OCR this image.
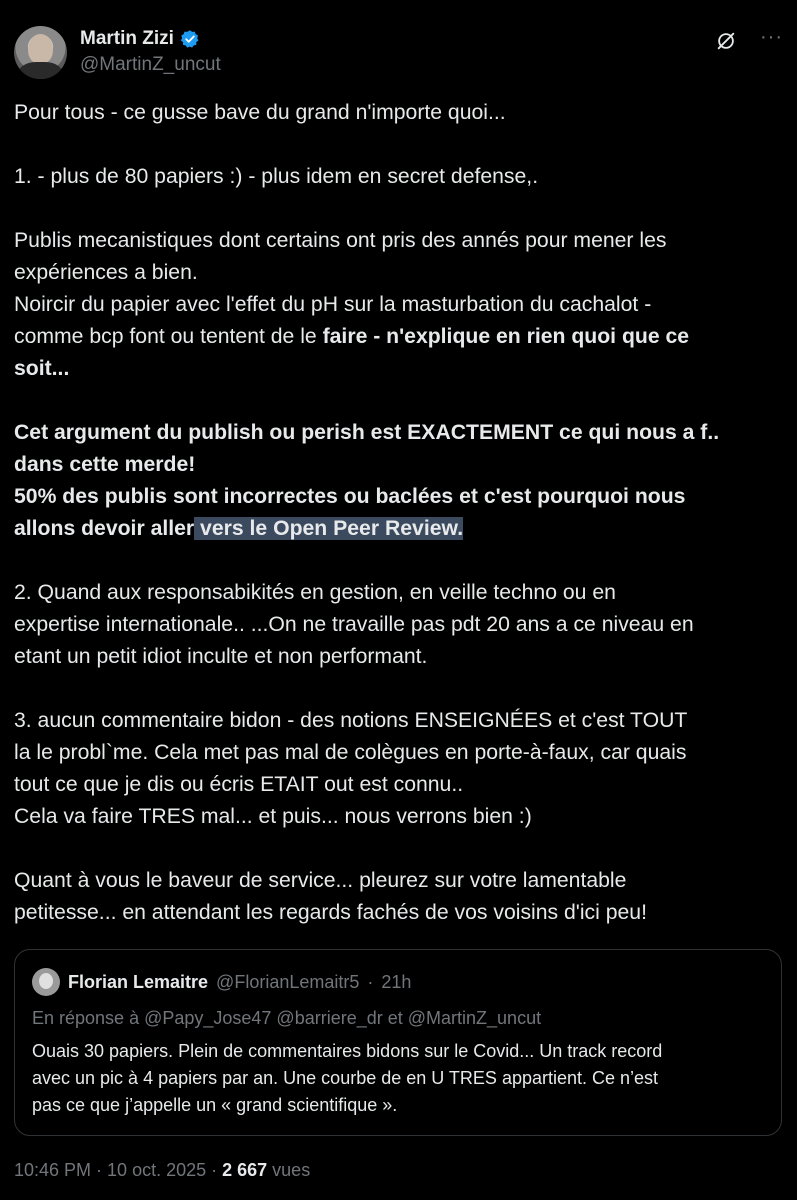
Martin Zizi
@MartinZ_uncut
···

Pour tous - ce gusse bave du grand n'importe quoi...

1. - plus de 80 papiers :) - plus idem en secret defense,.

Publis mecanistiques dont certains ont pris des annés pour mener les

expériences a bien.

Noircir du papier avec l'effet du pH sur la masturbation du cachalot -

comme bcp font ou tentent de le faire - n'explique en rien quoi que ce

soit...

Cet argument du publish ou perish est EXACTEMENT ce qui nous a f..

dans cette merde!

50% des publis sont incorrectes ou baclées et c'est pourquoi nous

allons devoir aller vers le Open Peer Review.

2. Quand aux responsabikités en gestion, en veille techno ou en

expertise internationale.. ...On ne travaille pas pdt 20 ans a ce niveau en

etant un petit idiot inculte et non performant.

3. aucun commentaire bidon - des notions ENSEIGNÉES et c'est TOUT

la le probl`me. Cela met pas mal de colègues en porte-à-faux, car quais

tout ce que je dis ou écris ETAIT out est connu..

Cela va faire TRES mal... et puis... nous verrons bien :)

Quant à vous le baveur de service... pleurez sur votre lamentable

petitesse... en attendant les regards fachés de vos voisins d'ici peu!

Florian Lemaitre @FlorianLemaitr5 · 21h
En réponse à @Papy_Jose47 @barriere_dr et @MartinZ_uncut
Ouais 30 papiers. Plein de commentaires bidons sur le Covid... Un track record
avec un pic à 4 papiers par an. Une courbe de en U TRES appartient. Ce n’est
pas ce que j’appelle un « grand scientifique ».
10:46 PM · 10 oct. 2025 · 2 667 vues
